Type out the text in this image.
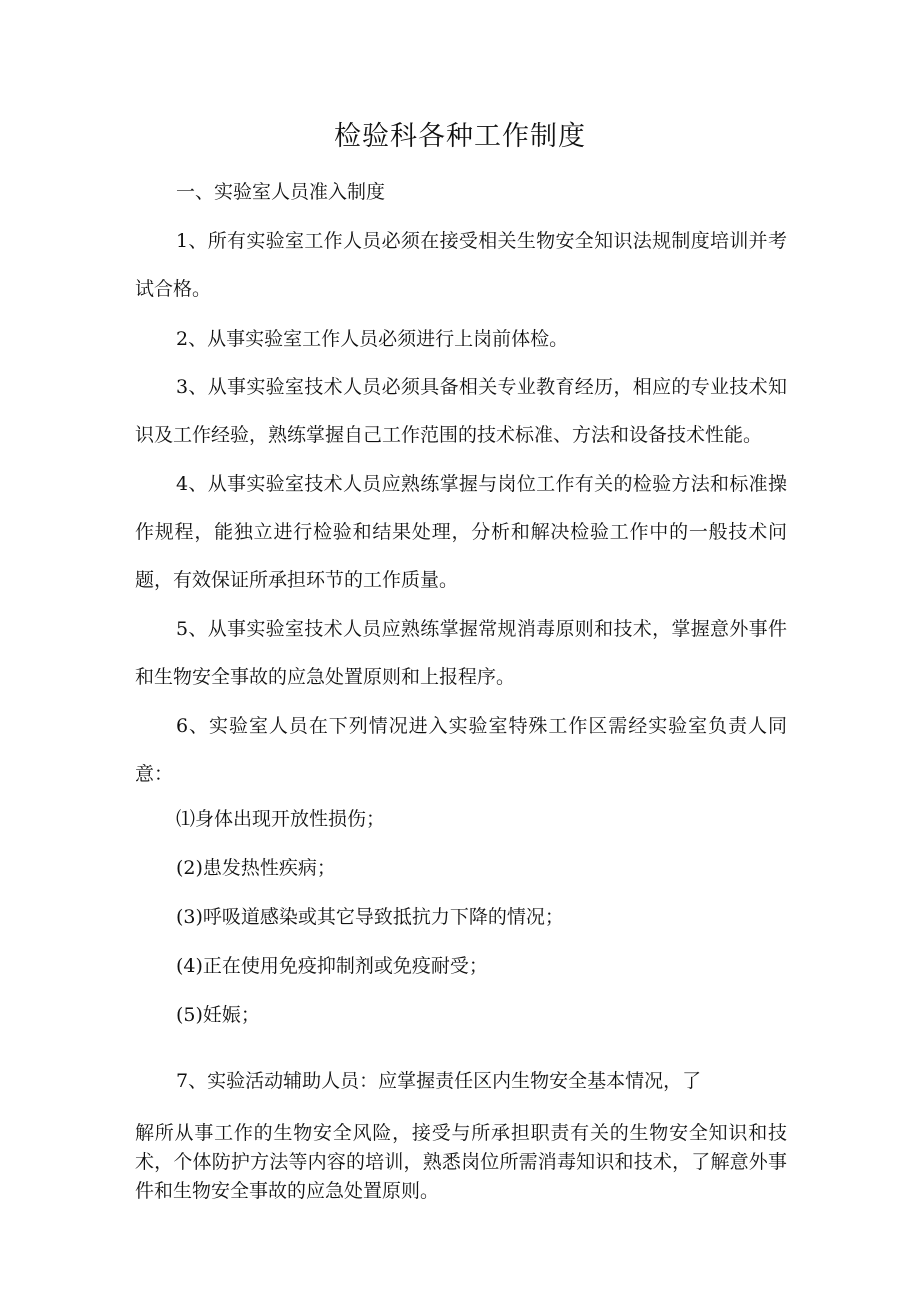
检验科各种工作制度
一、实验室人员准入制度
1、所有实验室工作人员必须在接受相关生物安全知识法规制度培训并考试合格。
2、从事实验室工作人员必须进行上岗前体检。
3、从事实验室技术人员必须具备相关专业教育经历，相应的专业技术知识及工作经验，熟练掌握自己工作范围的技术标准、方法和设备技术性能。
4、从事实验室技术人员应熟练掌握与岗位工作有关的检验方法和标准操作规程，能独立进行检验和结果处理，分析和解决检验工作中的一般技术问题，有效保证所承担环节的工作质量。
5、从事实验室技术人员应熟练掌握常规消毒原则和技术，掌握意外事件和生物安全事故的应急处置原则和上报程序。
6、实验室人员在下列情况进入实验室特殊工作区需经实验室负责人同意：
⑴身体出现开放性损伤；
(2)患发热性疾病；
(3)呼吸道感染或其它导致抵抗力下降的情况；
(4)正在使用免疫抑制剂或免疫耐受；
(5)妊娠；
7、实验活动辅助人员：应掌握责任区内生物安全基本情况，了
解所从事工作的生物安全风险，接受与所承担职责有关的生物安全知识和技术，个体防护方法等内容的培训，熟悉岗位所需消毒知识和技术，了解意外事件和生物安全事故的应急处置原则。
